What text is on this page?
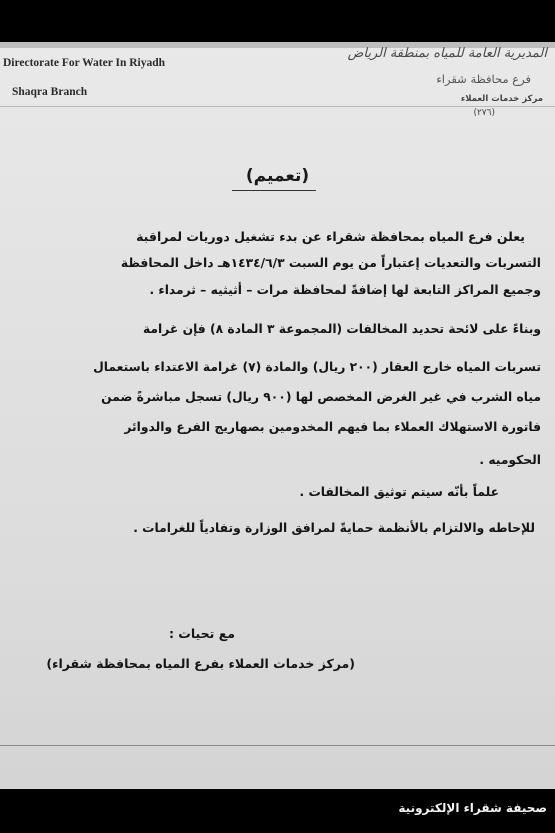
Directorate For Water In Riyadh
Shaqra Branch
المديرية العامة للمياه بمنطقة الرياض
فرع محافظة شقراء
مركز خدمات العملاء
(٢٧٦)
(تعميم)
يعلن فرع المياه بمحافظة شقراء عن بدء تشغيل دوريات لمراقبة
التسربات والتعديات إعتباراً من يوم السبت ١٤٣٤/٦/٣هـ داخل المحافظة
وجميع المراكز التابعة لها إضافةً لمحافظة مرات – أثيثيه – ثرمداء .
وبناءً على لائحة تحديد المخالفات (المجموعة ٣ المادة ٨) فإن غرامة
تسربات المياه خارج العقار (٢٠٠ ريال) والمادة (٧) غرامة الاعتداء باستعمال
مياه الشرب في غير الغرض المخصص لها (٩٠٠ ريال) تسجل مباشرةً ضمن
فاتورة الاستهلاك العملاء بما فيهم المخدومين بصهاريج الفرع والدوائر
الحكوميه .
علماً بأنّه سيتم توثيق المخالفات .
للإحاطه والالتزام بالأنظمة حمايةً لمرافق الوزارة وتفادياً للغرامات .
مع تحيات :
(مركز خدمات العملاء بفرع المياه بمحافظة شقراء)
صحيفة شقراء الإلكترونية
